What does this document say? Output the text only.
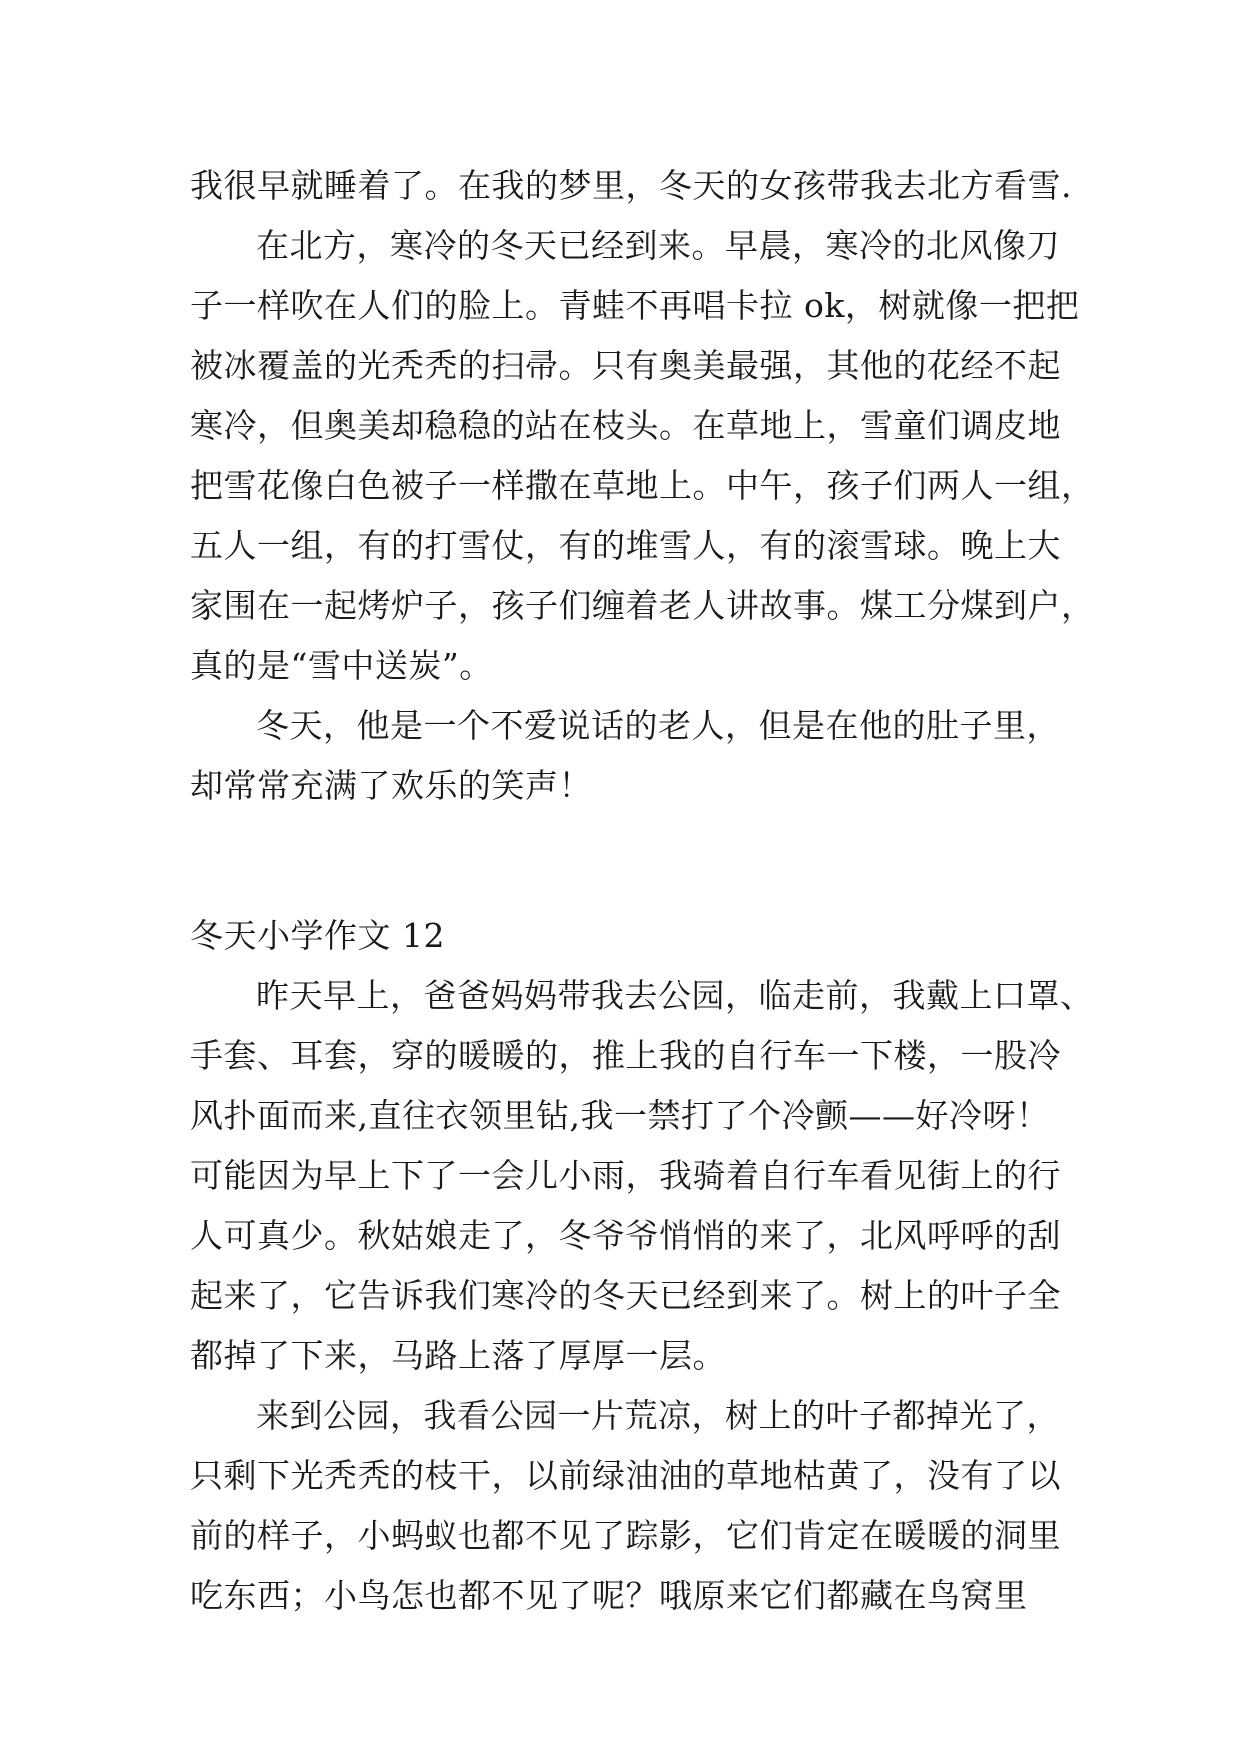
我很早就睡着了。在我的梦里，冬天的女孩带我去北方看雪.
在北方，寒冷的冬天已经到来。早晨，寒冷的北风像刀
子一样吹在人们的脸上。青蛙不再唱卡拉 ok，树就像一把把
被冰覆盖的光秃秃的扫帚。只有奥美最强，其他的花经不起
寒冷，但奥美却稳稳的站在枝头。在草地上，雪童们调皮地
把雪花像白色被子一样撒在草地上。中午，孩子们两人一组，
五人一组，有的打雪仗，有的堆雪人，有的滚雪球。晚上大
家围在一起烤炉子，孩子们缠着老人讲故事。煤工分煤到户，
真的是“雪中送炭”。
冬天，他是一个不爱说话的老人，但是在他的肚子里，
却常常充满了欢乐的笑声！
冬天小学作文 12
昨天早上，爸爸妈妈带我去公园，临走前，我戴上口罩、
手套、耳套，穿的暖暖的，推上我的自行车一下楼，一股冷
风扑面而来,直往衣领里钻,我一禁打了个冷颤——好冷呀！
可能因为早上下了一会儿小雨，我骑着自行车看见街上的行
人可真少。秋姑娘走了，冬爷爷悄悄的来了，北风呼呼的刮
起来了，它告诉我们寒冷的冬天已经到来了。树上的叶子全
都掉了下来，马路上落了厚厚一层。
来到公园，我看公园一片荒凉，树上的叶子都掉光了，
只剩下光秃秃的枝干，以前绿油油的草地枯黄了，没有了以
前的样子，小蚂蚁也都不见了踪影，它们肯定在暖暖的洞里
吃东西；小鸟怎也都不见了呢？哦原来它们都藏在鸟窝里
